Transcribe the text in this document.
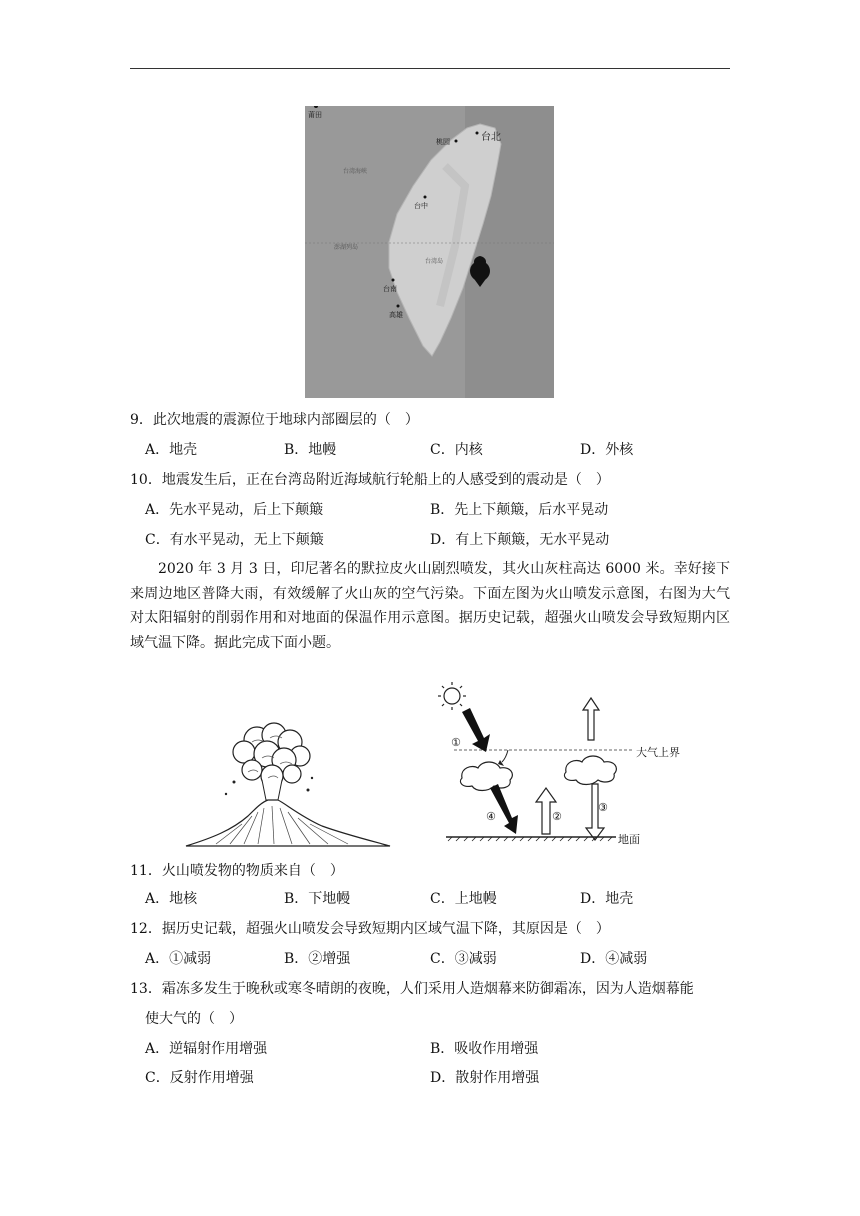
莆田
台北
桃园
台湾海峡
台中
澎湖列岛
台湾岛
台南
高雄
9．此次地震的震源位于地球内部圈层的（　）
A．地壳	B．地幔	C．内核	D．外核
10．地震发生后，正在台湾岛附近海域航行轮船上的人感受到的震动是（　）
A．先水平晃动，后上下颠簸	B．先上下颠簸，后水平晃动
C．有水平晃动，无上下颠簸	D．有上下颠簸，无水平晃动
2020 年 3 月 3 日，印尼著名的默拉皮火山剧烈喷发，其火山灰柱高达 6000 米。幸好接下来周边地区普降大雨，有效缓解了火山灰的空气污染。下面左图为火山喷发示意图，右图为大气对太阳辐射的削弱作用和对地面的保温作用示意图。据历史记载，超强火山喷发会导致短期内区域气温下降。据此完成下面小题。
①
②
③
④
大气上界
地面
11．火山喷发物的物质来自（　）
A．地核	B．下地幔	C．上地幔	D．地壳
12．据历史记载，超强火山喷发会导致短期内区域气温下降，其原因是（　）
A．①减弱	B．②增强	C．③减弱	D．④减弱
13．霜冻多发生于晚秋或寒冬晴朗的夜晚，人们采用人造烟幕来防御霜冻，因为人造烟幕能
使大气的（　）
A．逆辐射作用增强	B．吸收作用增强
C．反射作用增强	D．散射作用增强
